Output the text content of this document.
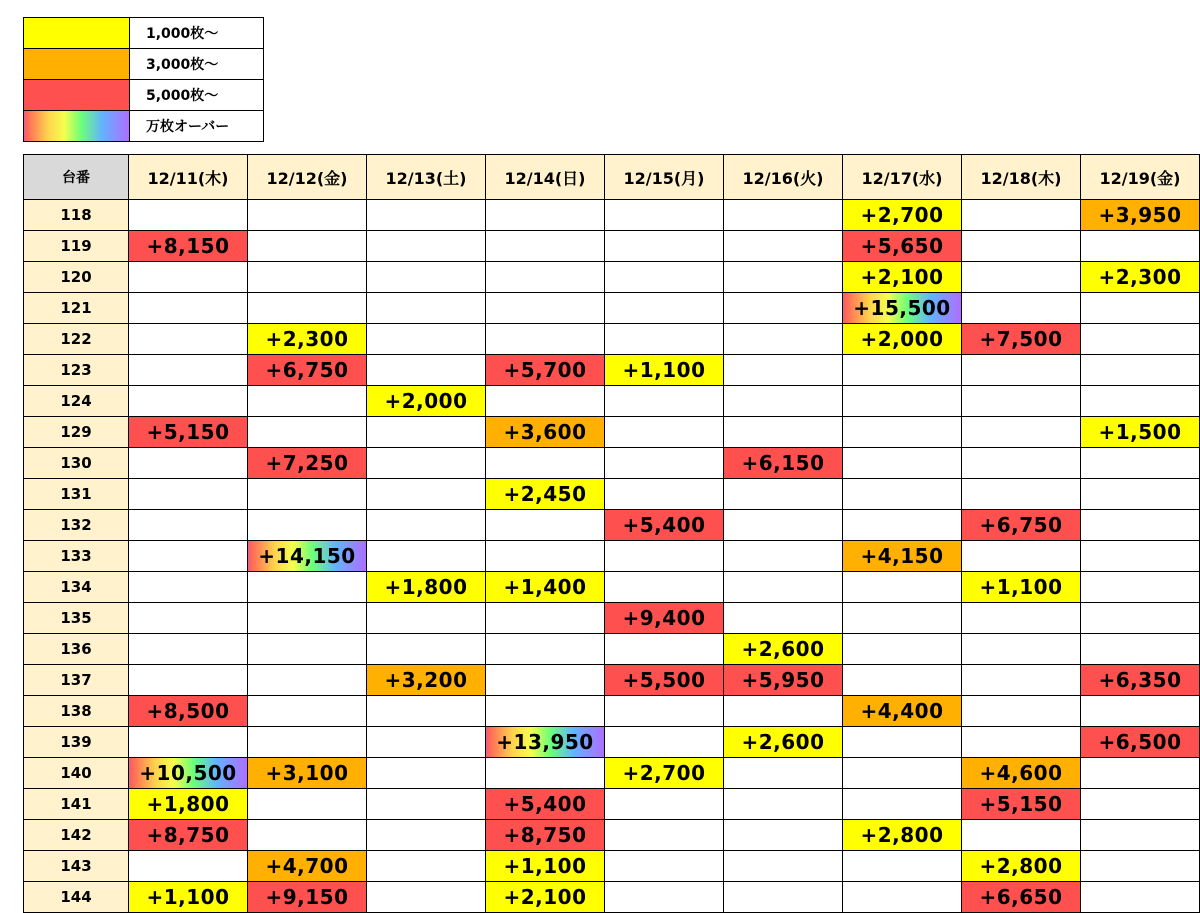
	1,000枚～
	3,000枚～
	5,000枚～
	万枚オーバー
台番	12/11(木)	12/12(金)	12/13(土)	12/14(日)	12/15(月)	12/16(火)	12/17(水)	12/18(木)	12/19(金)
118							+2,700		+3,950
119	+8,150						+5,650		
120							+2,100		+2,300
121							+15,500		
122		+2,300					+2,000	+7,500	
123		+6,750		+5,700	+1,100				
124			+2,000						
129	+5,150			+3,600					+1,500
130		+7,250				+6,150			
131				+2,450					
132					+5,400			+6,750	
133		+14,150					+4,150		
134			+1,800	+1,400				+1,100	
135					+9,400				
136						+2,600			
137			+3,200		+5,500	+5,950			+6,350
138	+8,500						+4,400		
139				+13,950		+2,600			+6,500
140	+10,500	+3,100			+2,700			+4,600	
141	+1,800			+5,400				+5,150	
142	+8,750			+8,750			+2,800		
143		+4,700		+1,100				+2,800	
144	+1,100	+9,150		+2,100				+6,650	
